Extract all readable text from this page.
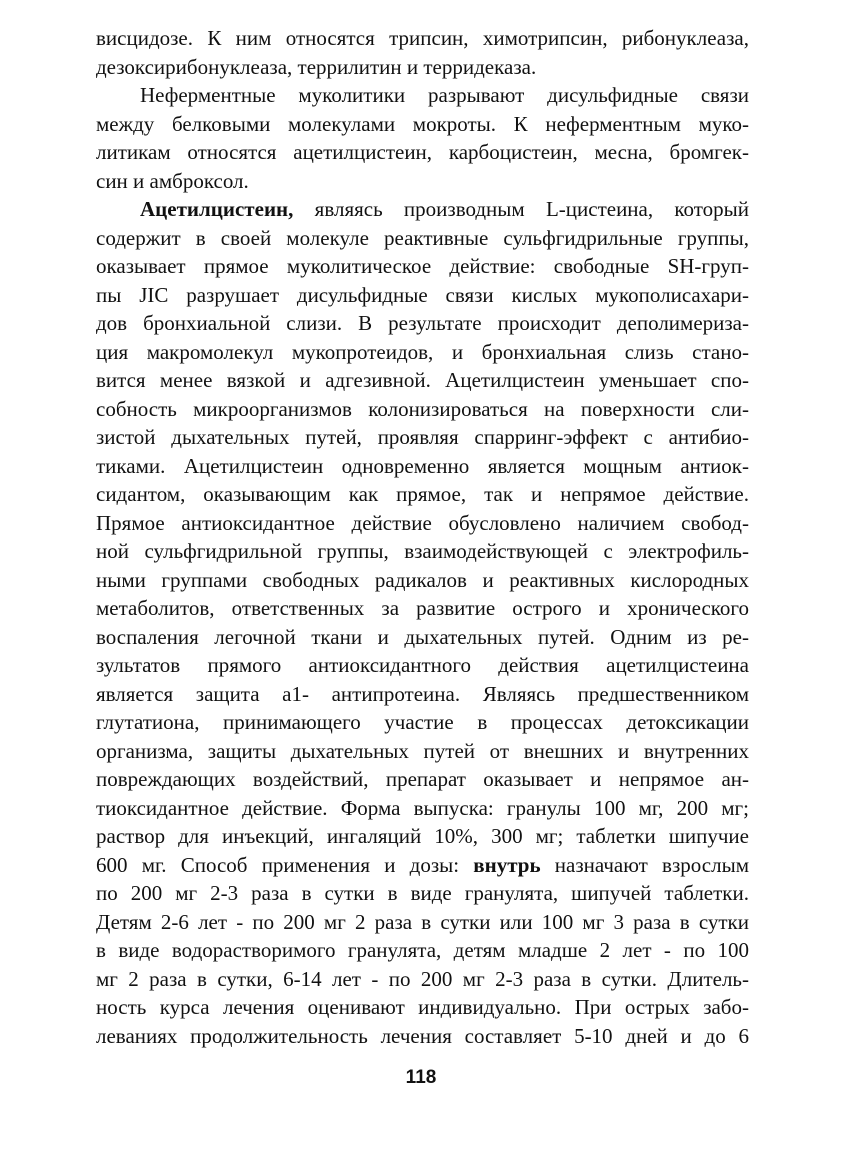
висцидозе. К ним относятся трипсин, химотрипсин, рибонуклеаза,
дезоксирибонуклеаза, террилитин и терридеказа.
Неферментные муколитики разрывают дисульфидные связи
между белковыми молекулами мокроты. К неферментным муко-
литикам относятся ацетилцистеин, карбоцистеин, месна, бромгек-
син и амброксол.
Ацетилцистеин, являясь производным L-цистеина, который
содержит в своей молекуле реактивные сульфгидрильные группы,
оказывает прямое муколитическое действие: свободные SH-груп-
пы JIC разрушает дисульфидные связи кислых мукополисахари-
дов бронхиальной слизи. В результате происходит деполимериза-
ция макромолекул мукопротеидов, и бронхиальная слизь стано-
вится менее вязкой и адгезивной. Ацетилцистеин уменьшает спо-
собность микроорганизмов колонизироваться на поверхности сли-
зистой дыхательных путей, проявляя спарринг-эффект с антибио-
тиками. Ацетилцистеин одновременно является мощным антиок-
сидантом, оказывающим как прямое, так и непрямое действие.
Прямое антиоксидантное действие обусловлено наличием свобод-
ной сульфгидрильной группы, взаимодействующей с электрофиль-
ными группами свободных радикалов и реактивных кислородных
метаболитов, ответственных за развитие острого и хронического
воспаления легочной ткани и дыхательных путей. Одним из ре-
зультатов прямого антиоксидантного действия ацетилцистеина
является защита a1- антипротеина. Являясь предшественником
глутатиона, принимающего участие в процессах детоксикации
организма, защиты дыхательных путей от внешних и внутренних
повреждающих воздействий, препарат оказывает и непрямое ан-
тиоксидантное действие. Форма выпуска: гранулы 100 мг, 200 мг;
раствор для инъекций, ингаляций 10%, 300 мг; таблетки шипучие
600 мг. Способ применения и дозы: внутрь назначают взрослым
по 200 мг 2-3 раза в сутки в виде гранулята, шипучей таблетки.
Детям 2-6 лет - по 200 мг 2 раза в сутки или 100 мг 3 раза в сутки
в виде водорастворимого гранулята, детям младше 2 лет - по 100
мг 2 раза в сутки, 6-14 лет - по 200 мг 2-3 раза в сутки. Длитель-
ность курса лечения оценивают индивидуально. При острых забо-
леваниях продолжительность лечения составляет 5-10 дней и до 6
118
